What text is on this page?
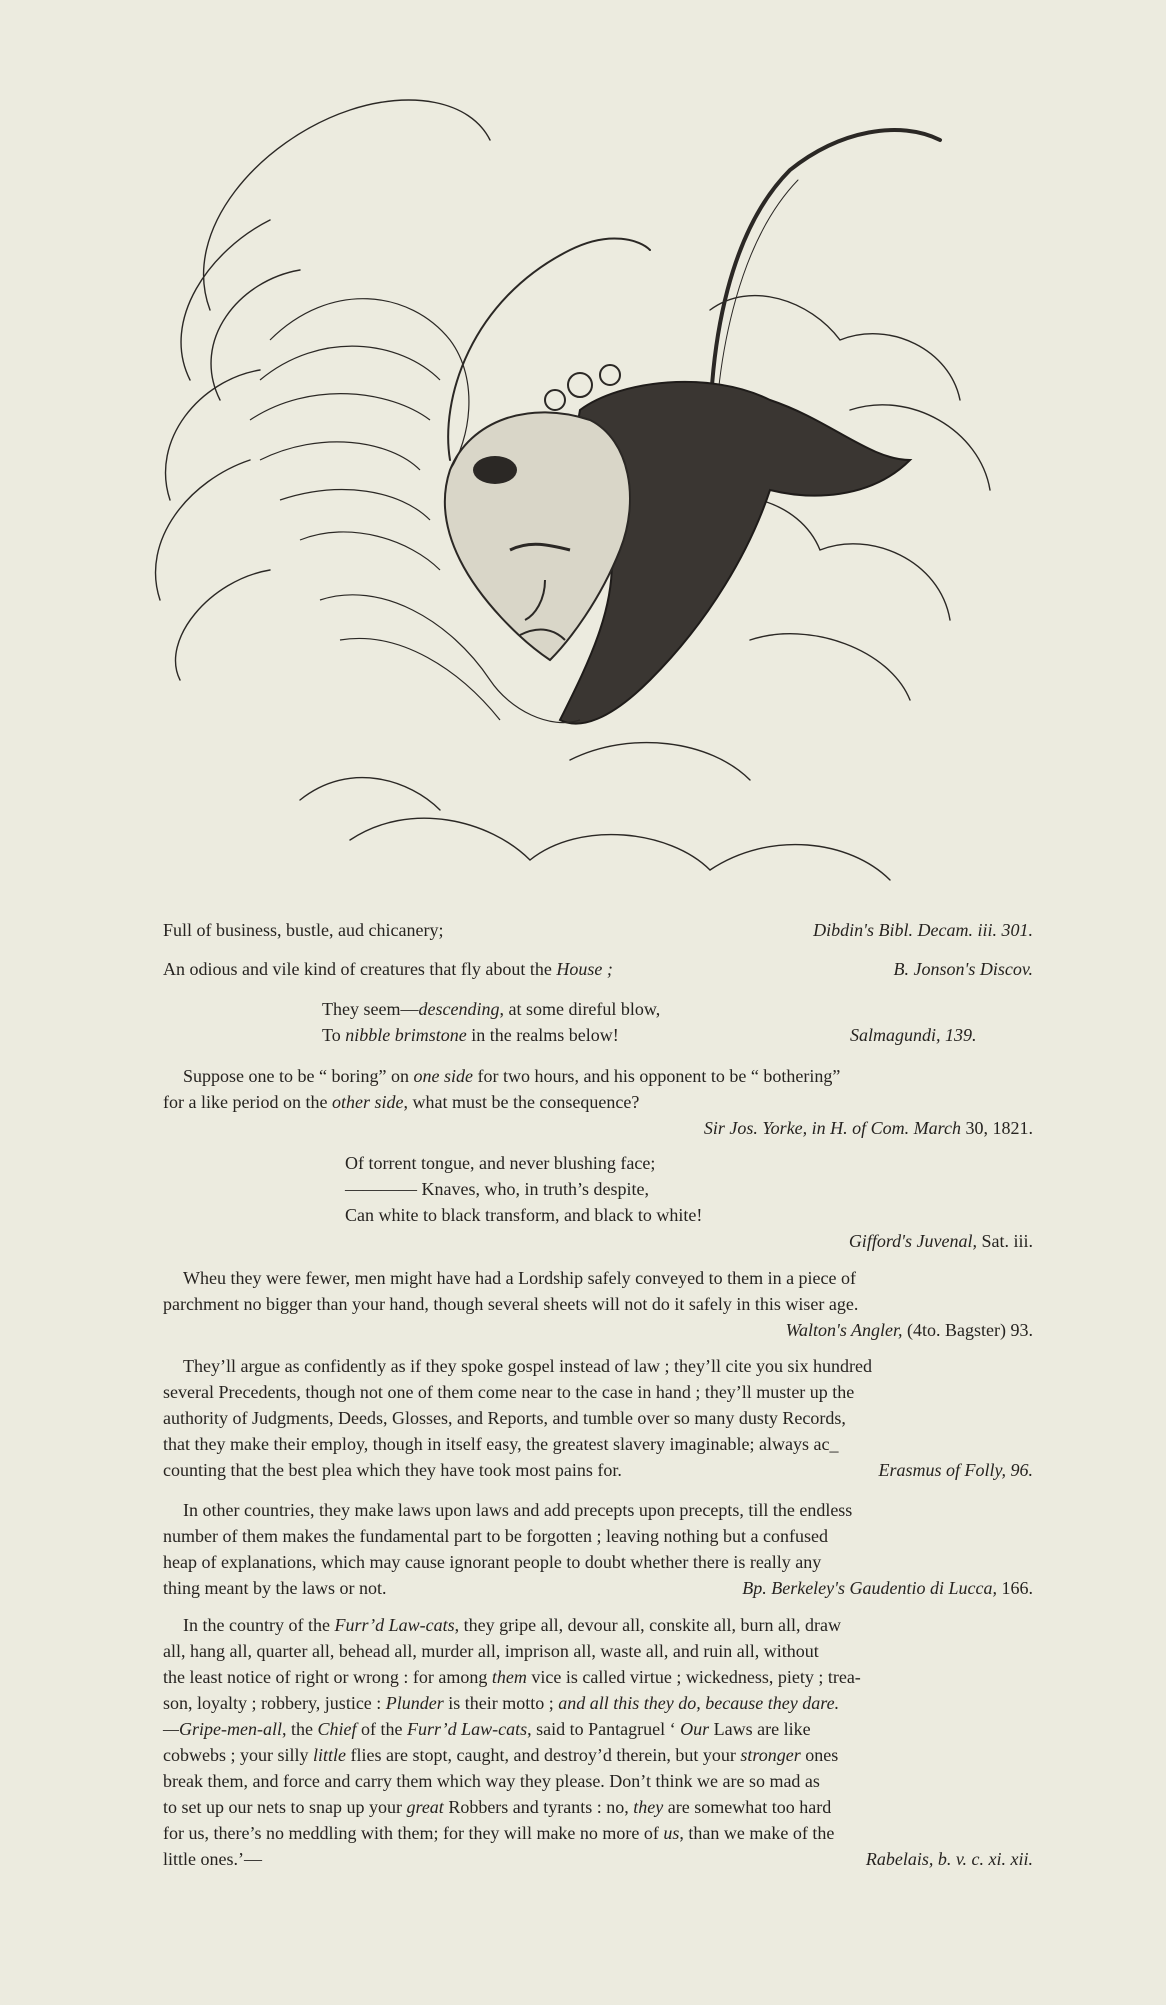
Full of business, bustle, aud chicanery;	Dibdin's Bibl. Decam. iii. 301.
An odious and vile kind of creatures that fly about the House ;	B. Jonson's Discov.
They seem—descending, at some direful blow,
To nibble brimstone in the realms below!	Salmagundi, 139.
Suppose one to be “ boring” on one side for two hours, and his opponent to be “ bothering”
for a like period on the other side, what must be the consequence?
Sir Jos. Yorke, in H. of Com. March 30, 1821.
Of torrent tongue, and never blushing face;
———— Knaves, who, in truth’s despite,
Can white to black transform, and black to white!
Gifford's Juvenal, Sat. iii.
Wheu they were fewer, men might have had a Lordship safely conveyed to them in a piece of
parchment no bigger than your hand, though several sheets will not do it safely in this wiser age.
Walton's Angler, (4to. Bagster) 93.
They’ll argue as confidently as if they spoke gospel instead of law ; they’ll cite you six hundred
several Precedents, though not one of them come near to the case in hand ; they’ll muster up the
authority of Judgments, Deeds, Glosses, and Reports, and tumble over so many dusty Records,
that they make their employ, though in itself easy, the greatest slavery imaginable; always ac_
counting that the best plea which they have took most pains for.	Erasmus of Folly, 96.
In other countries, they make laws upon laws and add precepts upon precepts, till the endless
number of them makes the fundamental part to be forgotten ; leaving nothing but a confused
heap of explanations, which may cause ignorant people to doubt whether there is really any
thing meant by the laws or not.	Bp. Berkeley's Gaudentio di Lucca, 166.
In the country of the Furr’d Law-cats, they gripe all, devour all, conskite all, burn all, draw
all, hang all, quarter all, behead all, murder all, imprison all, waste all, and ruin all, without
the least notice of right or wrong : for among them vice is called virtue ; wickedness, piety ; trea-
son, loyalty ; robbery, justice : Plunder is their motto ; and all this they do, because they dare.
—Gripe-men-all, the Chief of the Furr’d Law-cats, said to Pantagruel ‘ Our Laws are like
cobwebs ; your silly little flies are stopt, caught, and destroy’d therein, but your stronger ones
break them, and force and carry them which way they please. Don’t think we are so mad as
to set up our nets to snap up your great Robbers and tyrants : no, they are somewhat too hard
for us, there’s no meddling with them; for they will make no more of us, than we make of the
little ones.’—	Rabelais, b. v. c. xi. xii.
